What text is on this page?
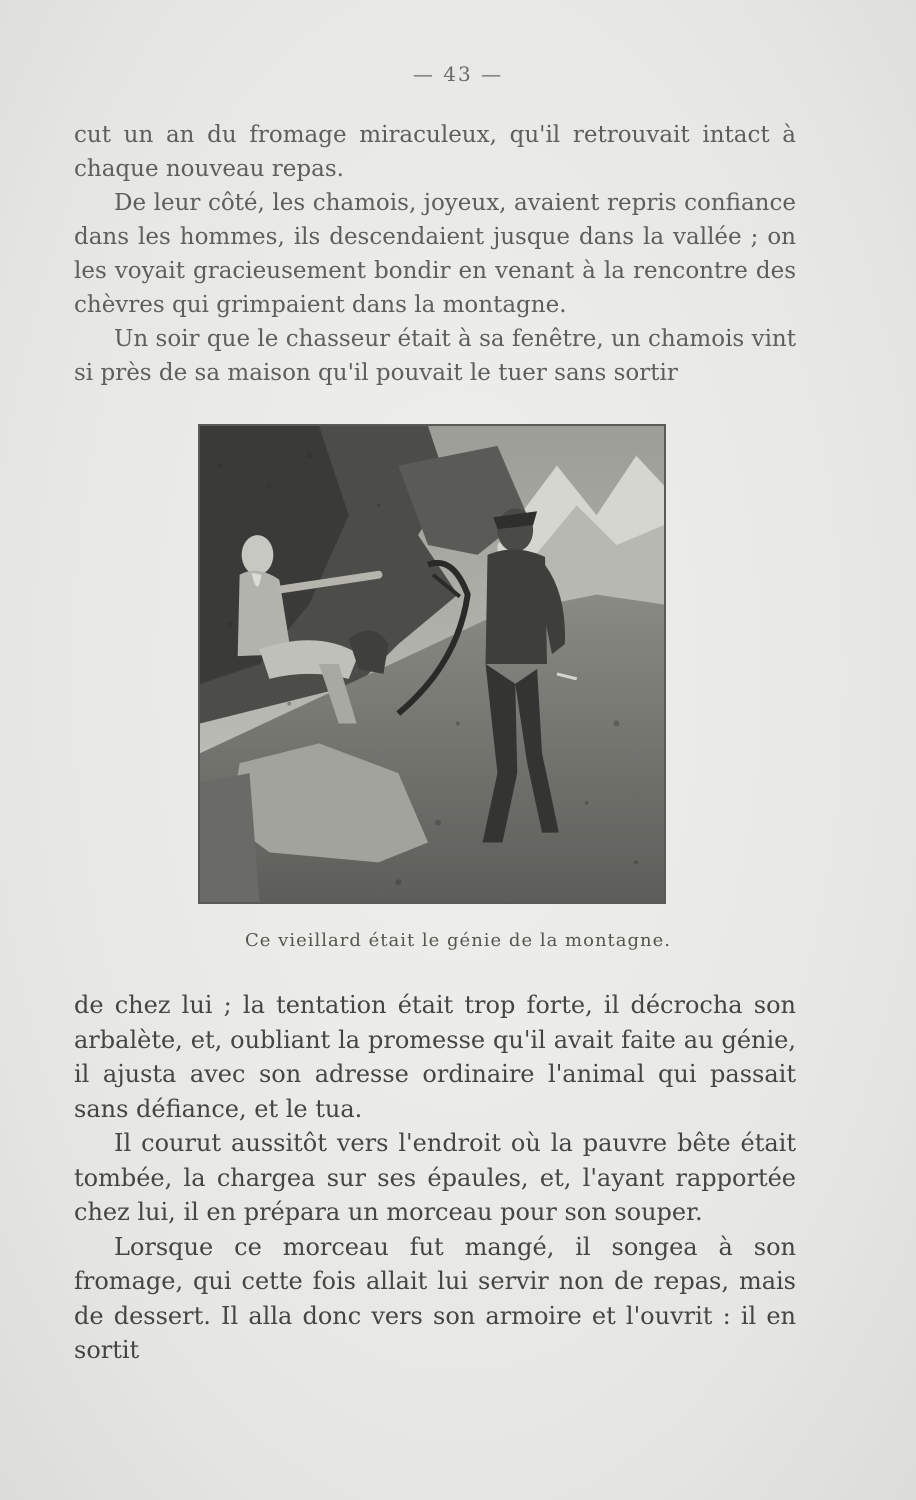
— 43 —

cut un an du fromage miraculeux, qu'il retrouvait intact à chaque nouveau repas.

De leur côté, les chamois, joyeux, avaient repris confiance dans les hommes, ils descendaient jusque dans la vallée ; on les voyait gracieusement bondir en venant à la rencontre des chèvres qui grimpaient dans la montagne.

Un soir que le chasseur était à sa fenêtre, un chamois vint si près de sa maison qu'il pouvait le tuer sans sortir

Ce vieillard était le génie de la montagne.

de chez lui ; la tentation était trop forte, il décrocha son arbalète, et, oubliant la promesse qu'il avait faite au génie, il ajusta avec son adresse ordinaire l'animal qui passait sans défiance, et le tua.

Il courut aussitôt vers l'endroit où la pauvre bête était tombée, la chargea sur ses épaules, et, l'ayant rapportée chez lui, il en prépara un morceau pour son souper.

Lorsque ce morceau fut mangé, il songea à son fromage, qui cette fois allait lui servir non de repas, mais de dessert. Il alla donc vers son armoire et l'ouvrit : il en sortit
